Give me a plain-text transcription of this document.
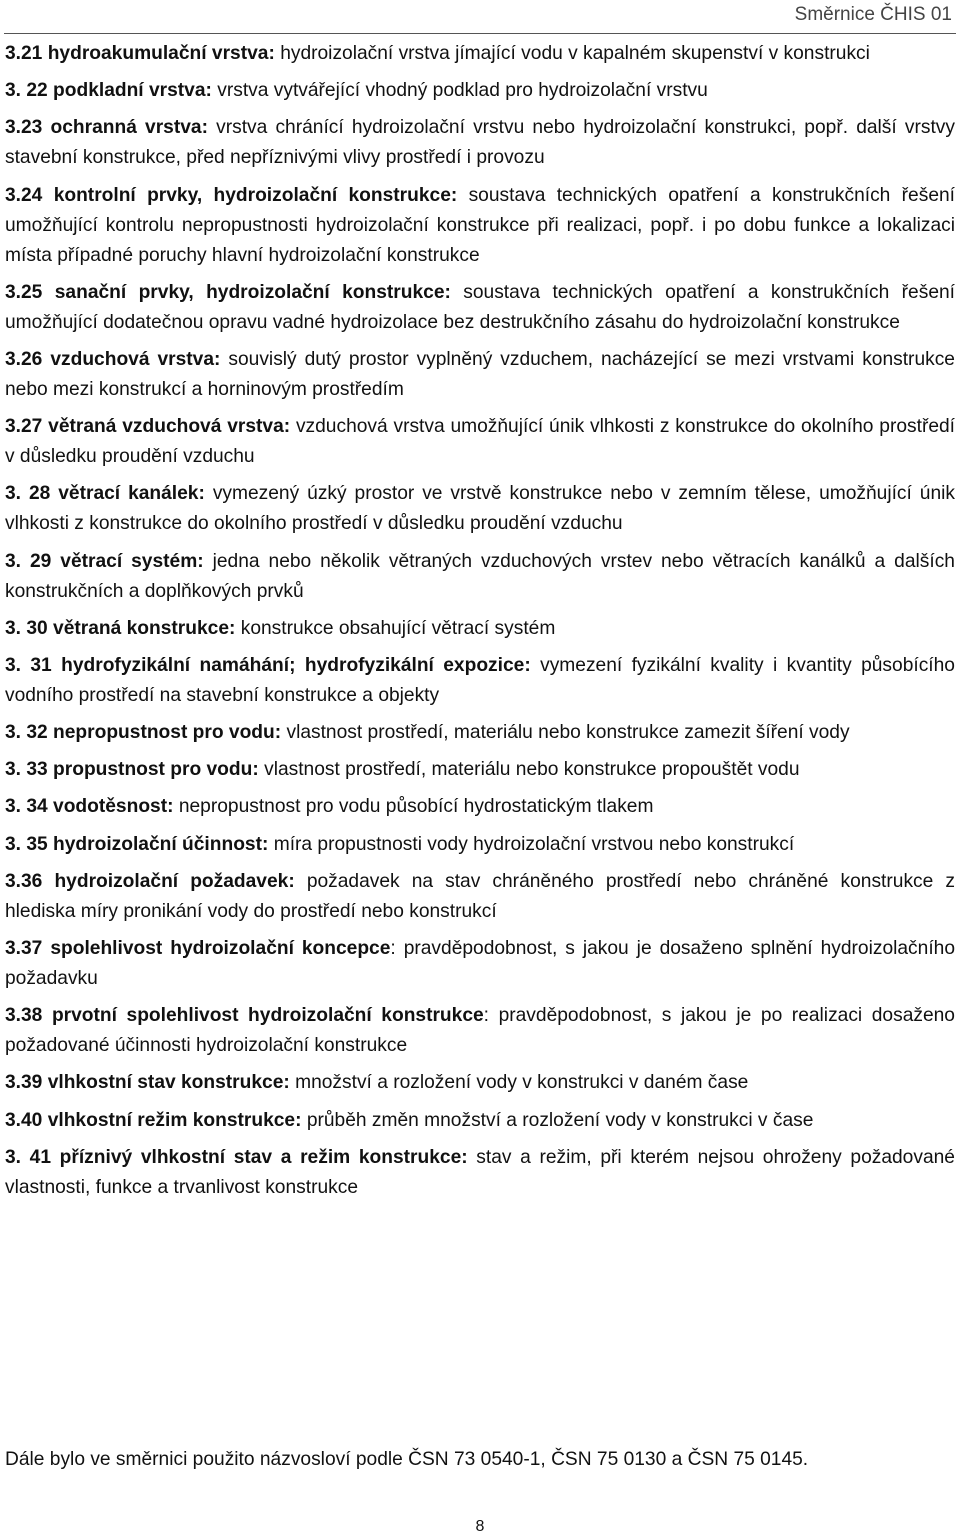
Směrnice ČHIS 01

3.21 hydroakumulační vrstva: hydroizolační vrstva jímající vodu v kapalném skupenství v konstrukci

3. 22 podkladní vrstva: vrstva vytvářející vhodný podklad pro hydroizolační vrstvu

3.23 ochranná vrstva: vrstva chránící hydroizolační vrstvu nebo hydroizolační konstrukci, popř. další vrstvy stavební konstrukce, před nepříznivými vlivy prostředí i provozu

3.24 kontrolní prvky, hydroizolační konstrukce: soustava technických opatření a konstrukčních řešení umožňující kontrolu nepropustnosti hydroizolační konstrukce při realizaci, popř. i po dobu funkce a lokalizaci místa případné poruchy hlavní hydroizolační konstrukce

3.25 sanační prvky, hydroizolační konstrukce: soustava technických opatření a konstrukčních řešení umožňující dodatečnou opravu vadné hydroizolace bez destrukčního zásahu do hydroizolační konstrukce

3.26 vzduchová vrstva: souvislý dutý prostor vyplněný vzduchem, nacházející se mezi vrstvami konstrukce nebo mezi konstrukcí a horninovým prostředím

3.27 větraná vzduchová vrstva: vzduchová vrstva umožňující únik vlhkosti z konstrukce do okolního prostředí v důsledku proudění vzduchu

3. 28 větrací kanálek: vymezený úzký prostor ve vrstvě konstrukce nebo v zemním tělese, umožňující únik vlhkosti z konstrukce do okolního prostředí v důsledku proudění vzduchu

3. 29 větrací systém: jedna nebo několik větraných vzduchových vrstev nebo větracích kanálků a dalších konstrukčních a doplňkových prvků

3. 30 větraná konstrukce: konstrukce obsahující větrací systém

3. 31 hydrofyzikální namáhání; hydrofyzikální expozice: vymezení fyzikální kvality i kvantity působícího vodního prostředí na stavební konstrukce a objekty

3. 32 nepropustnost pro vodu: vlastnost prostředí, materiálu nebo konstrukce zamezit šíření vody

3. 33 propustnost pro vodu: vlastnost prostředí, materiálu nebo konstrukce propouštět vodu

3. 34 vodotěsnost: nepropustnost pro vodu působící hydrostatickým tlakem

3. 35 hydroizolační účinnost: míra propustnosti vody hydroizolační vrstvou nebo konstrukcí

3.36 hydroizolační požadavek: požadavek na stav chráněného prostředí nebo chráněné konstrukce z hlediska míry pronikání vody do prostředí nebo konstrukcí

3.37 spolehlivost hydroizolační koncepce: pravděpodobnost, s jakou je dosaženo splnění hydroizolačního požadavku

3.38 prvotní spolehlivost hydroizolační konstrukce: pravděpodobnost, s jakou je po realizaci dosaženo požadované účinnosti hydroizolační konstrukce

3.39 vlhkostní stav konstrukce: množství a rozložení vody v konstrukci v daném čase

3.40 vlhkostní režim konstrukce: průběh změn množství a rozložení vody v konstrukci v čase

3. 41 příznivý vlhkostní stav a režim konstrukce: stav a režim, při kterém nejsou ohroženy požadované vlastnosti, funkce a trvanlivost konstrukce

Dále bylo ve směrnici použito názvosloví podle ČSN 73 0540-1, ČSN 75 0130 a ČSN 75 0145.
8
